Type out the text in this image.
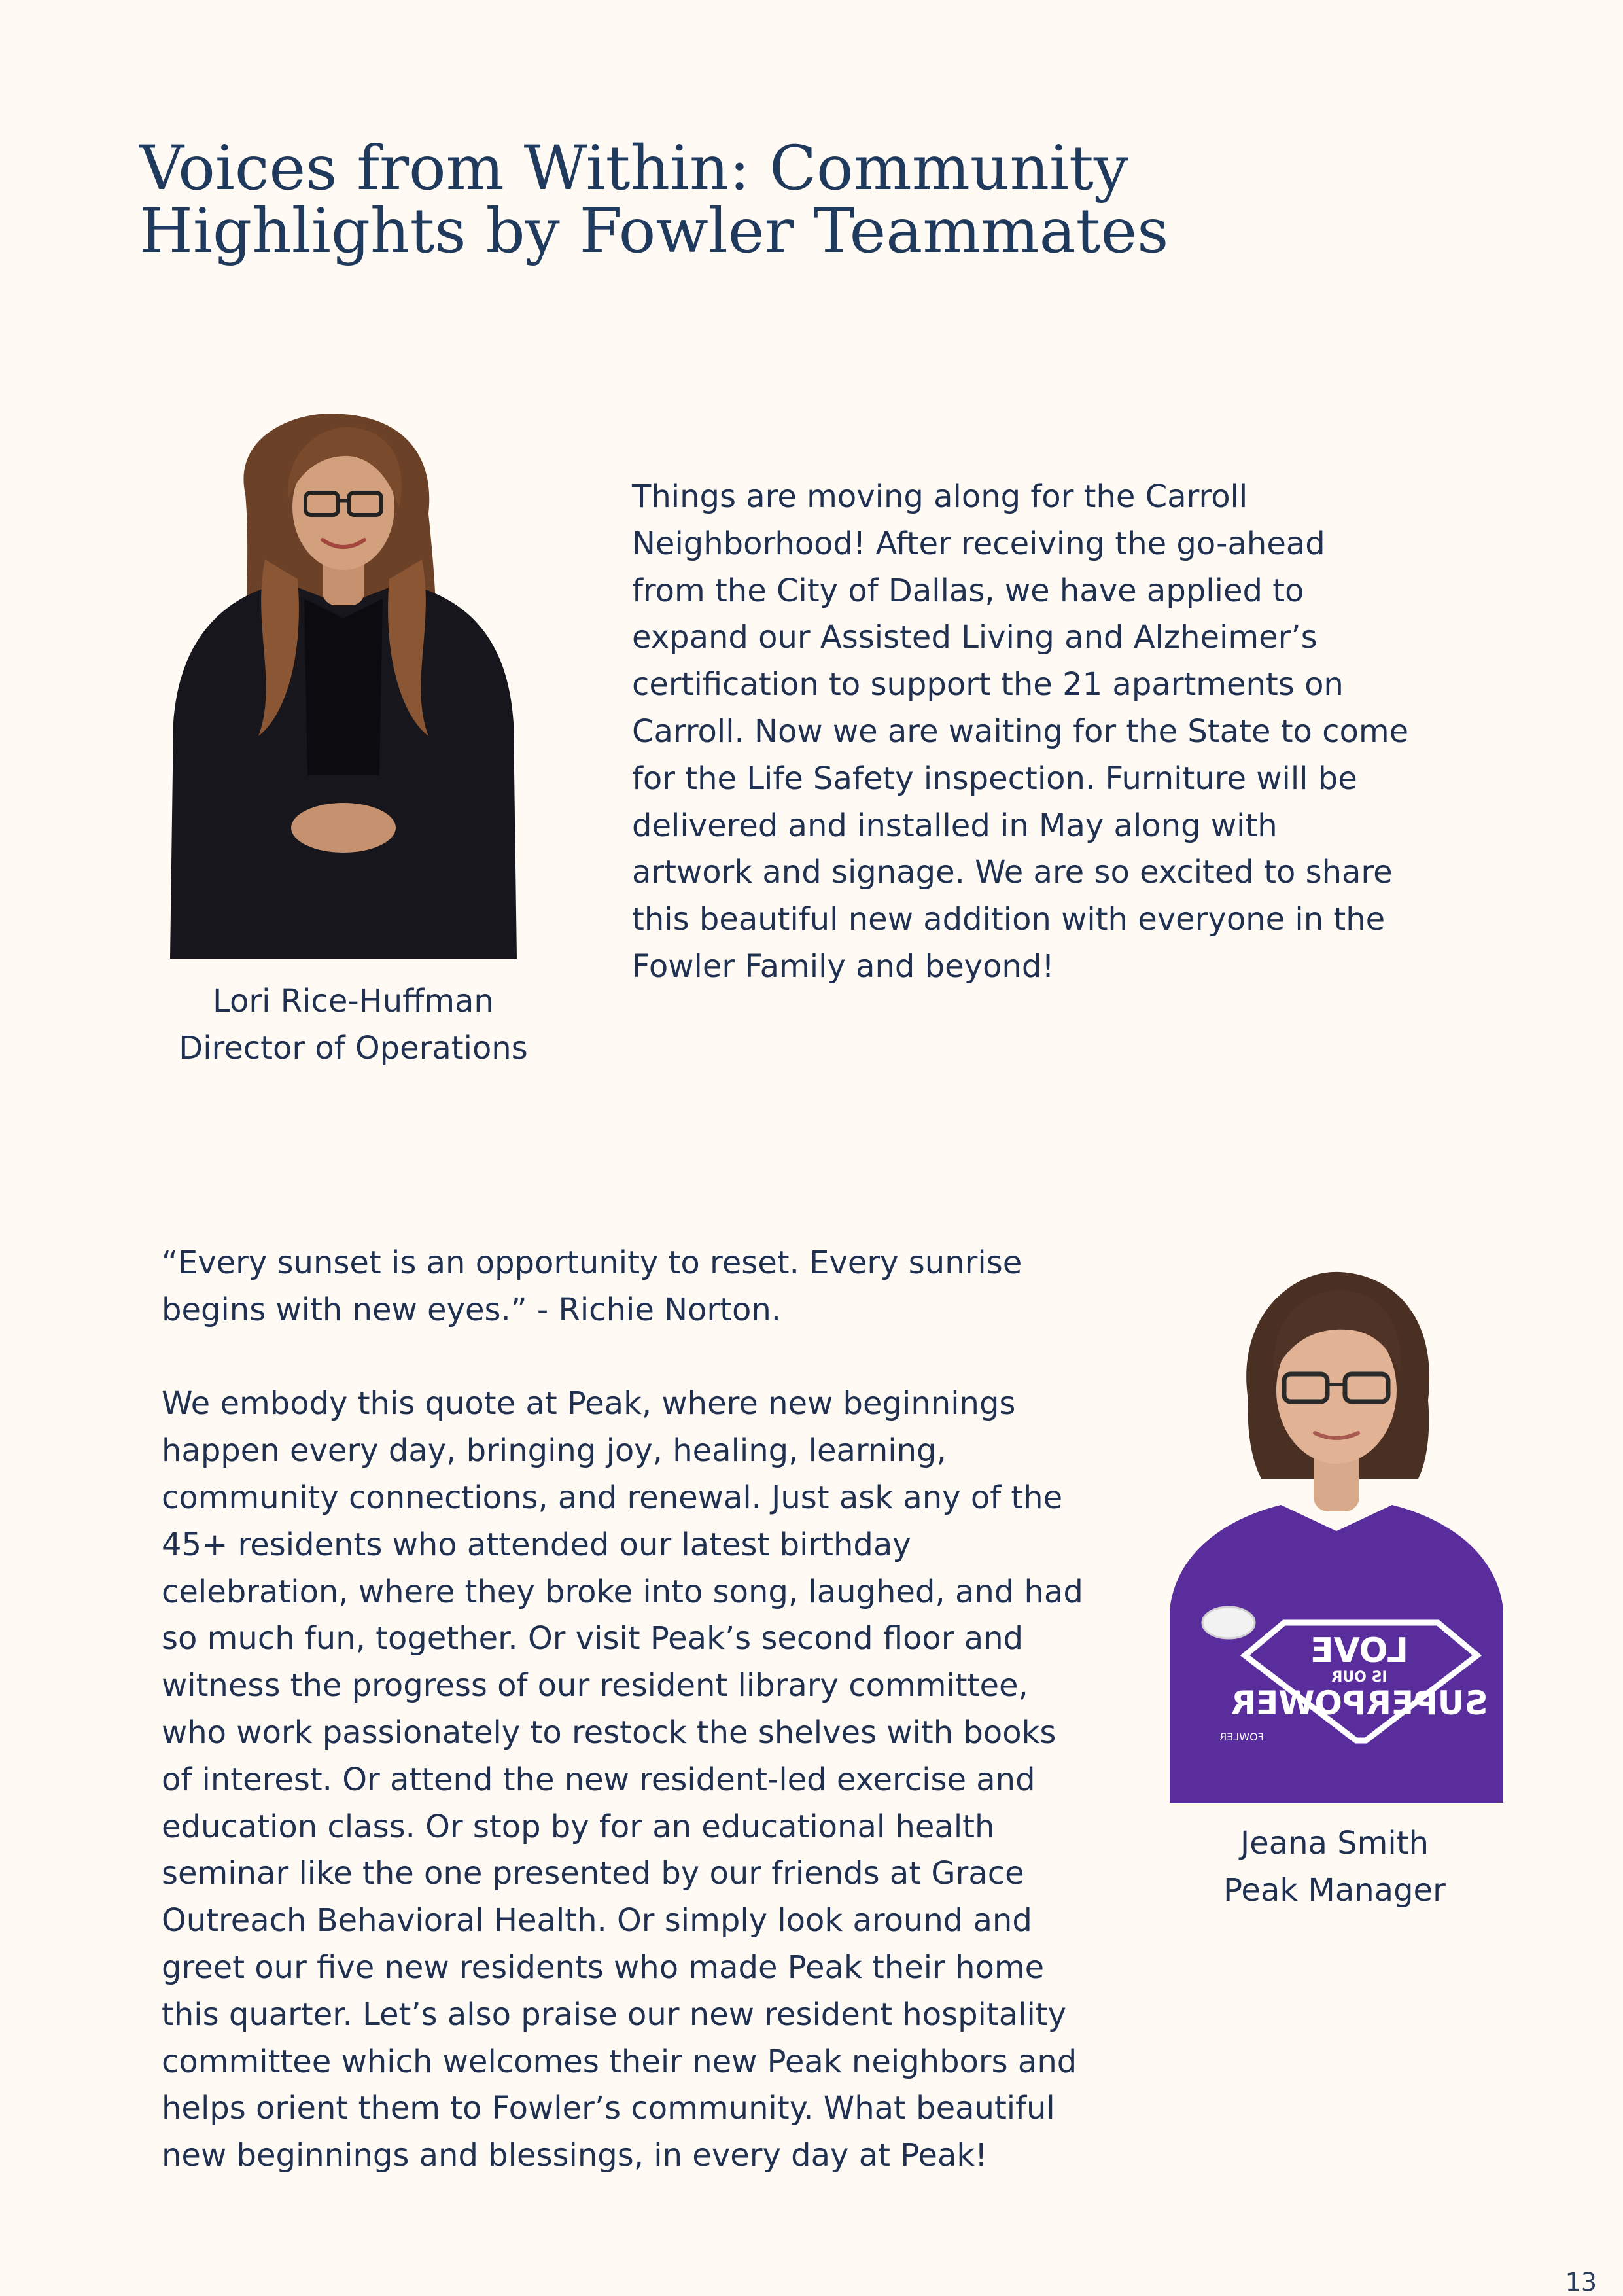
Voices from Within: Community
Highlights by Fowler Teammates

Things are moving along for the Carroll
Neighborhood! After receiving the go-ahead
from the City of Dallas, we have applied to
expand our Assisted Living and Alzheimer’s
certification to support the 21 apartments on
Carroll. Now we are waiting for the State to come
for the Life Safety inspection. Furniture will be
delivered and installed in May along with
artwork and signage. We are so excited to share
this beautiful new addition with everyone in the
Fowler Family and beyond!

Lori Rice-Huffman
Director of Operations

“Every sunset is an opportunity to reset. Every sunrise
begins with new eyes.” - Richie Norton.

We embody this quote at Peak, where new beginnings
happen every day, bringing joy, healing, learning,
community connections, and renewal. Just ask any of the
45+ residents who attended our latest birthday
celebration, where they broke into song, laughed, and had
so much fun, together. Or visit Peak’s second floor and
witness the progress of our resident library committee,
who work passionately to restock the shelves with books
of interest. Or attend the new resident-led exercise and
education class. Or stop by for an educational health
seminar like the one presented by our friends at Grace
Outreach Behavioral Health. Or simply look around and
greet our five new residents who made Peak their home
this quarter. Let’s also praise our new resident hospitality
committee which welcomes their new Peak neighbors and
helps orient them to Fowler’s community. What beautiful
new beginnings and blessings, in every day at Peak!

LOVE
IS OUR
SUPERPOWER
FOWLER

Jeana Smith
Peak Manager

13
